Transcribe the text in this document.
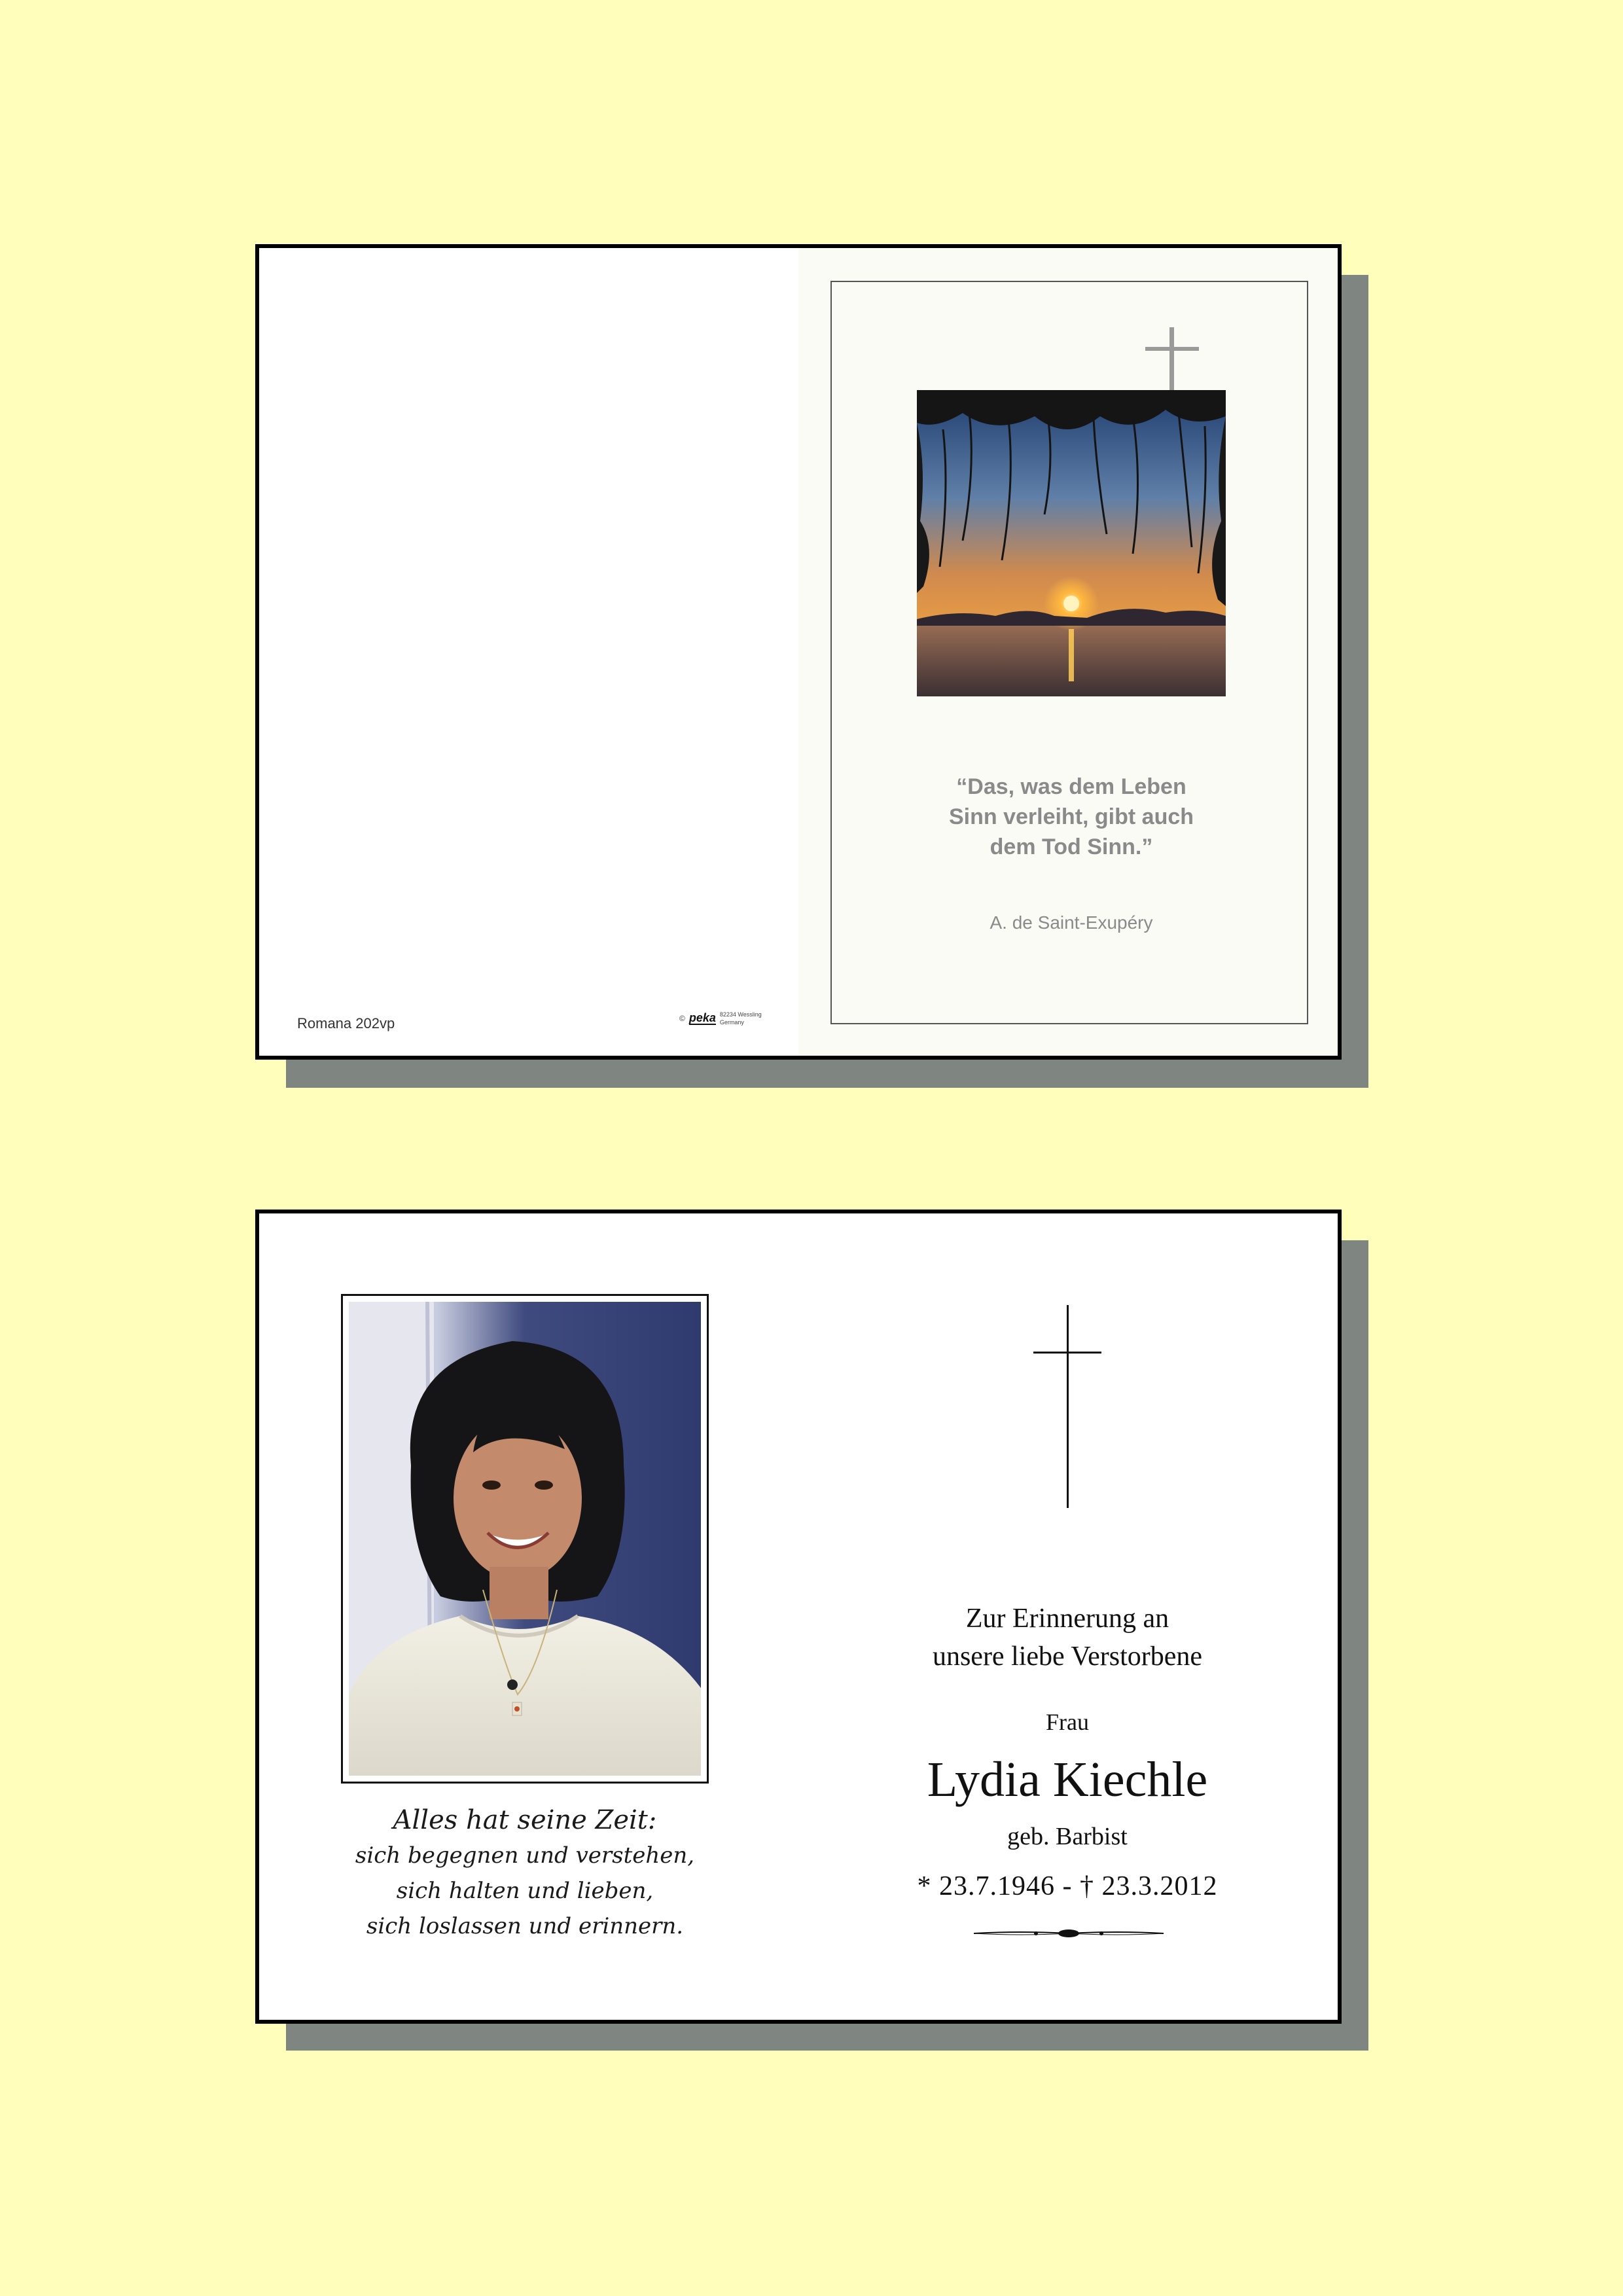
Romana 202vp	© peka 82234 Wessling
Germany
“Das, was dem Leben
Sinn verleiht, gibt auch
dem Tod Sinn.”
A. de Saint-Exupéry
Alles hat seine Zeit:
sich begegnen und verstehen,
sich halten und lieben,
sich loslassen und erinnern.
Zur Erinnerung an
unsere liebe Verstorbene
Frau
Lydia Kiechle
geb. Barbist
* 23.7.1946 - † 23.3.2012
